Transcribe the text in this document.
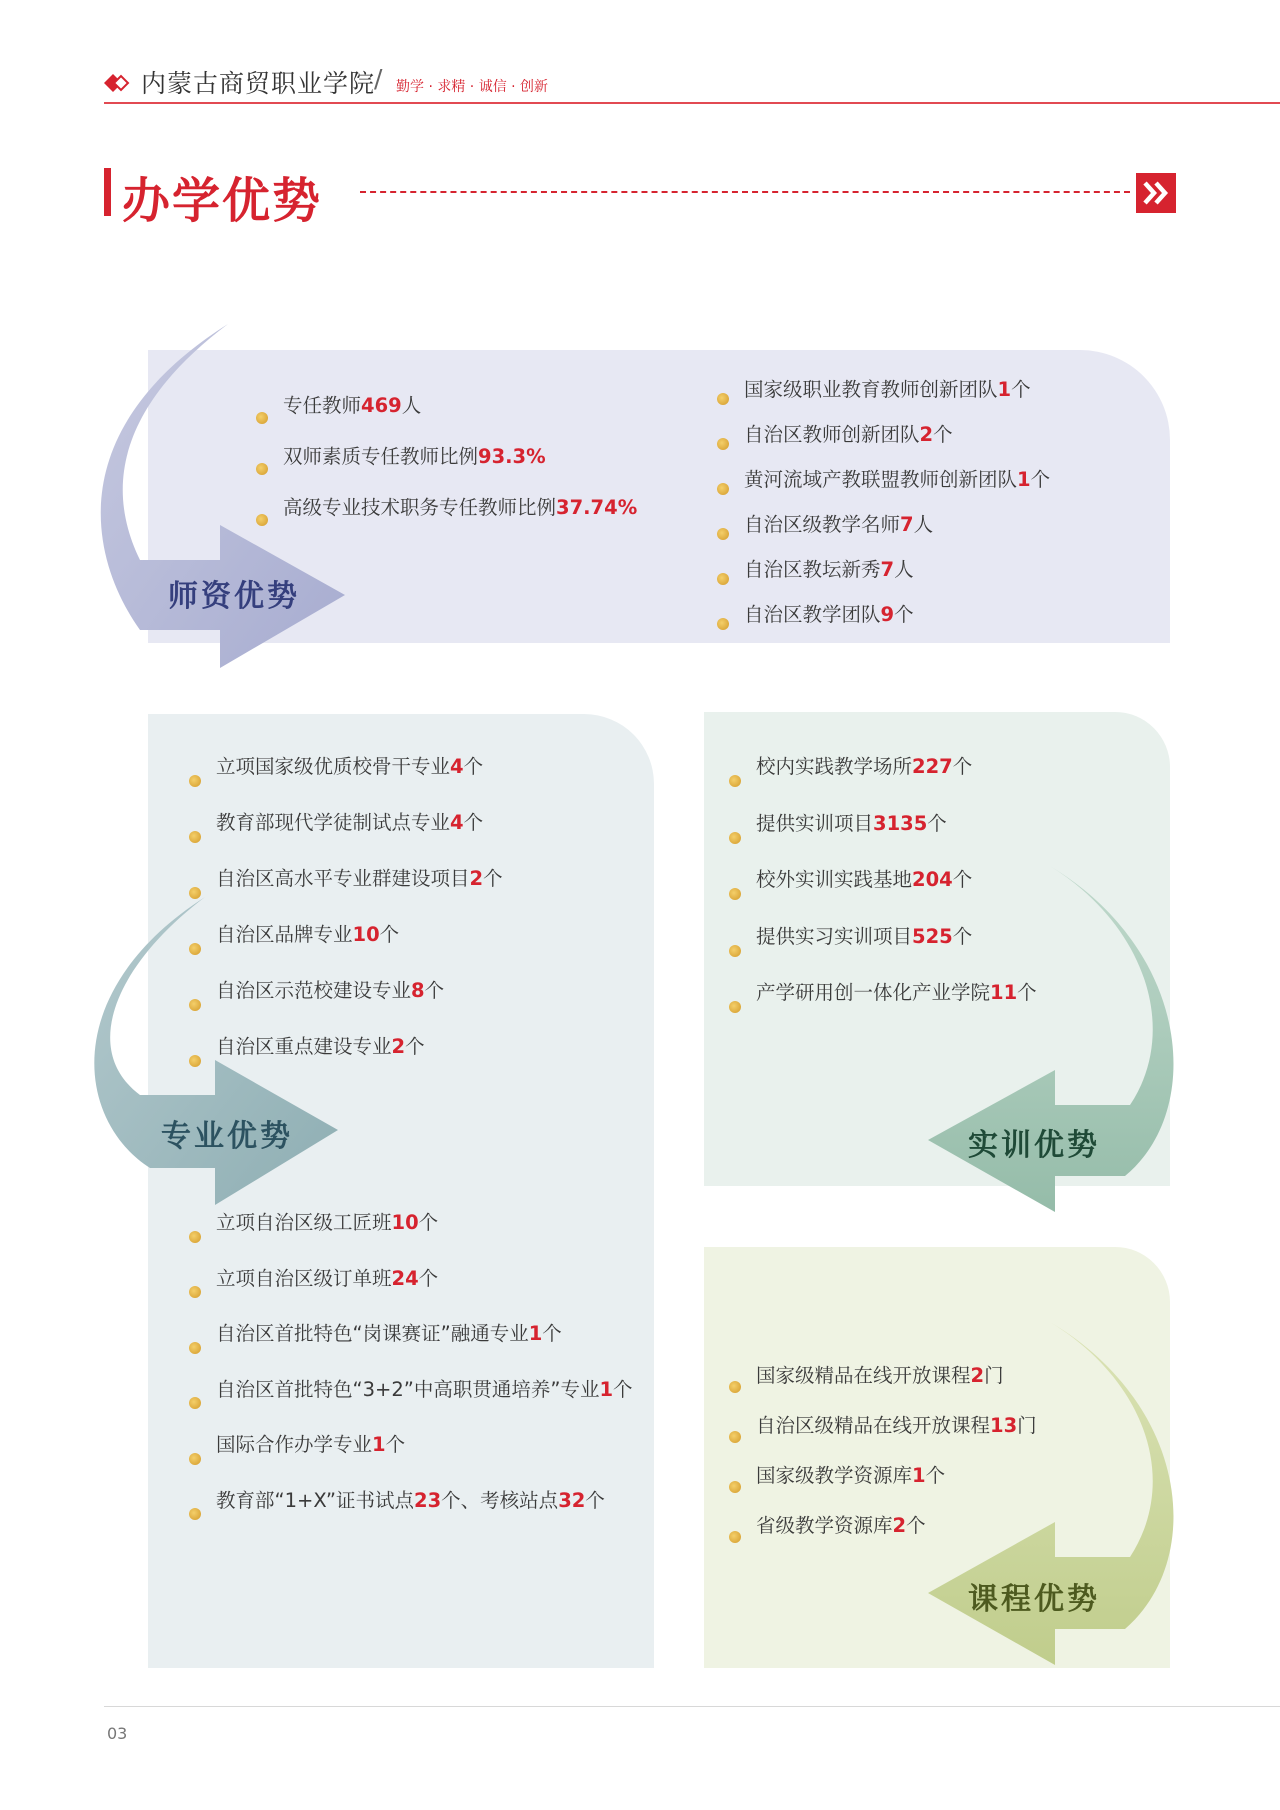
内蒙古商贸职业学院
/ 勤学 · 求精 · 诚信 · 创新
办学优势
专任教师469人
双师素质专任教师比例93.3%
高级专业技术职务专任教师比例37.74%
国家级职业教育教师创新团队1个
自治区教师创新团队2个
黄河流域产教联盟教师创新团队1个
自治区级教学名师7人
自治区教坛新秀7人
自治区教学团队9个
师资优势
立项国家级优质校骨干专业4个
教育部现代学徒制试点专业4个
自治区高水平专业群建设项目2个
自治区品牌专业10个
自治区示范校建设专业8个
自治区重点建设专业2个
专业优势
立项自治区级工匠班10个
立项自治区级订单班24个
自治区首批特色“岗课赛证”融通专业1个
自治区首批特色“3+2”中高职贯通培养”专业1个
国际合作办学专业1个
教育部“1+X”证书试点23个、考核站点32个
校内实践教学场所227个
提供实训项目3135个
校外实训实践基地204个
提供实习实训项目525个
产学研用创一体化产业学院11个
实训优势
国家级精品在线开放课程2门
自治区级精品在线开放课程13门
国家级教学资源库1个
省级教学资源库2个
课程优势
03
